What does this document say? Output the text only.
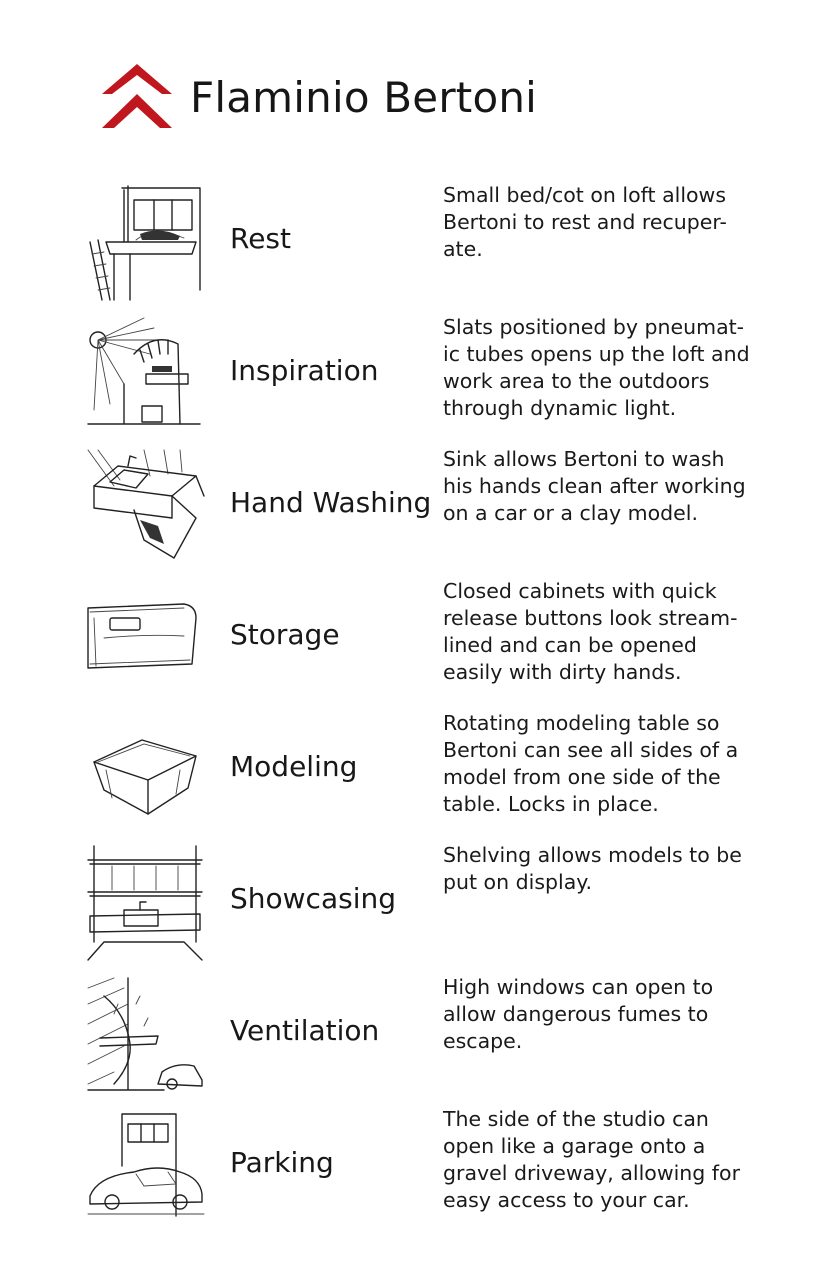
Flaminio Bertoni
Rest
Small bed/cot on loft allows
Bertoni to rest and recuper-
ate.
Inspiration
Slats positioned by pneumat-
ic tubes opens up the loft and
work area to the outdoors
through dynamic light.
Hand Washing
Sink allows Bertoni to wash
his hands clean after working
on a car or a clay model.
Storage
Closed cabinets with quick
release buttons look stream-
lined and can be opened
easily with dirty hands.
Modeling
Rotating modeling table so
Bertoni can see all sides of a
model from one side of the
table. Locks in place.
Showcasing
Shelving allows models to be
put on display.
Ventilation
High windows can open to
allow dangerous fumes to
escape.
Parking
The side of the studio can
open like a garage onto a
gravel driveway, allowing for
easy access to your car.
